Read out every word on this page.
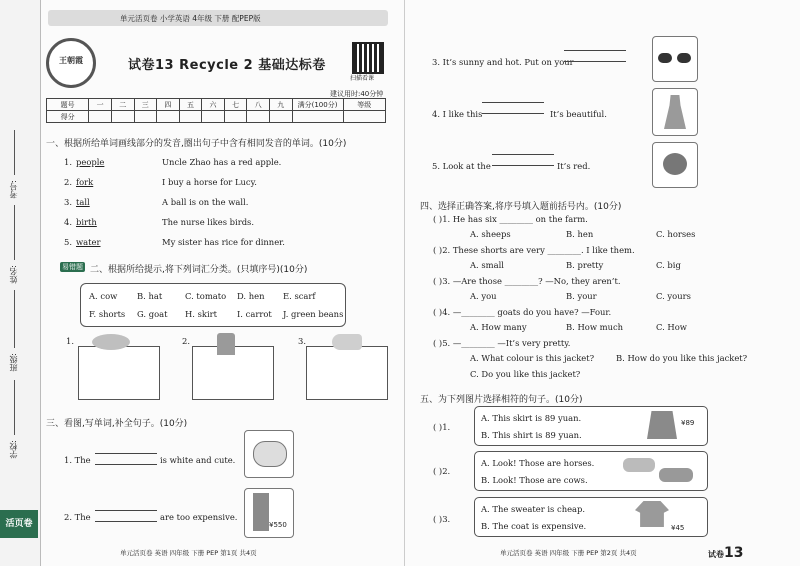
考号:
姓名:
班级:
学校:
活页卷
单元活页卷 小学英语 4年级 下册 配PEP版
王朝霞	试卷13 Recycle 2 基础达标卷
扫描看课
建议用时:40分钟
题号	一	二	三	四	五	六	七	八	九	满分(100分)	等级
得分											
一、根据所给单词画线部分的发音,圈出句子中含有相同发音的单词。(10分)
1. people	Uncle Zhao has a red apple.
2. fork	I buy a horse for Lucy.
3. tall	A ball is on the wall.
4. birth	The nurse likes birds.
5. water	My sister has rice for dinner.
易错题 二、根据所给提示,将下列词汇分类。(只填序号)(10分)
A. cow B. hat	C. tomato D. hen E. scarf
F. shorts G. goat H. skirt I. carrot J. green beans
1.	2.	3.
三、看图,写单词,补全句子。(10分)
1. The	is white and cute.
2. The	are too expensive.
¥550
单元活页卷 英语 四年级 下册 PEP 第1页 共4页
3. It’s sunny and hot. Put on your
4. I like this	It’s beautiful.
5. Look at the	It’s red.
四、选择正确答案,将序号填入题前括号内。(10分)
( )1. He has six ________ on the farm.
A. sheeps	B. hen	C. horses
( )2. These shorts are very ________. I like them.
A. small	B. pretty	C. big
( )3. —Are those ________? —No, they aren’t.
A. you	B. your	C. yours
( )4. —________ goats do you have? —Four.
A. How many	B. How much	C. How
( )5. —________ —It’s very pretty.
A. What colour is this jacket?	B. How do you like this jacket?
C. Do you like this jacket?
五、为下列图片选择相符的句子。(10分)
( )1.
A. This skirt is 89 yuan.
B. This shirt is 89 yuan.
¥89
( )2.
A. Look! Those are horses.
B. Look! Those are cows.
( )3.
A. The sweater is cheap.
B. The coat is expensive.	¥45
单元活页卷 英语 四年级 下册 PEP 第2页 共4页	试卷13
